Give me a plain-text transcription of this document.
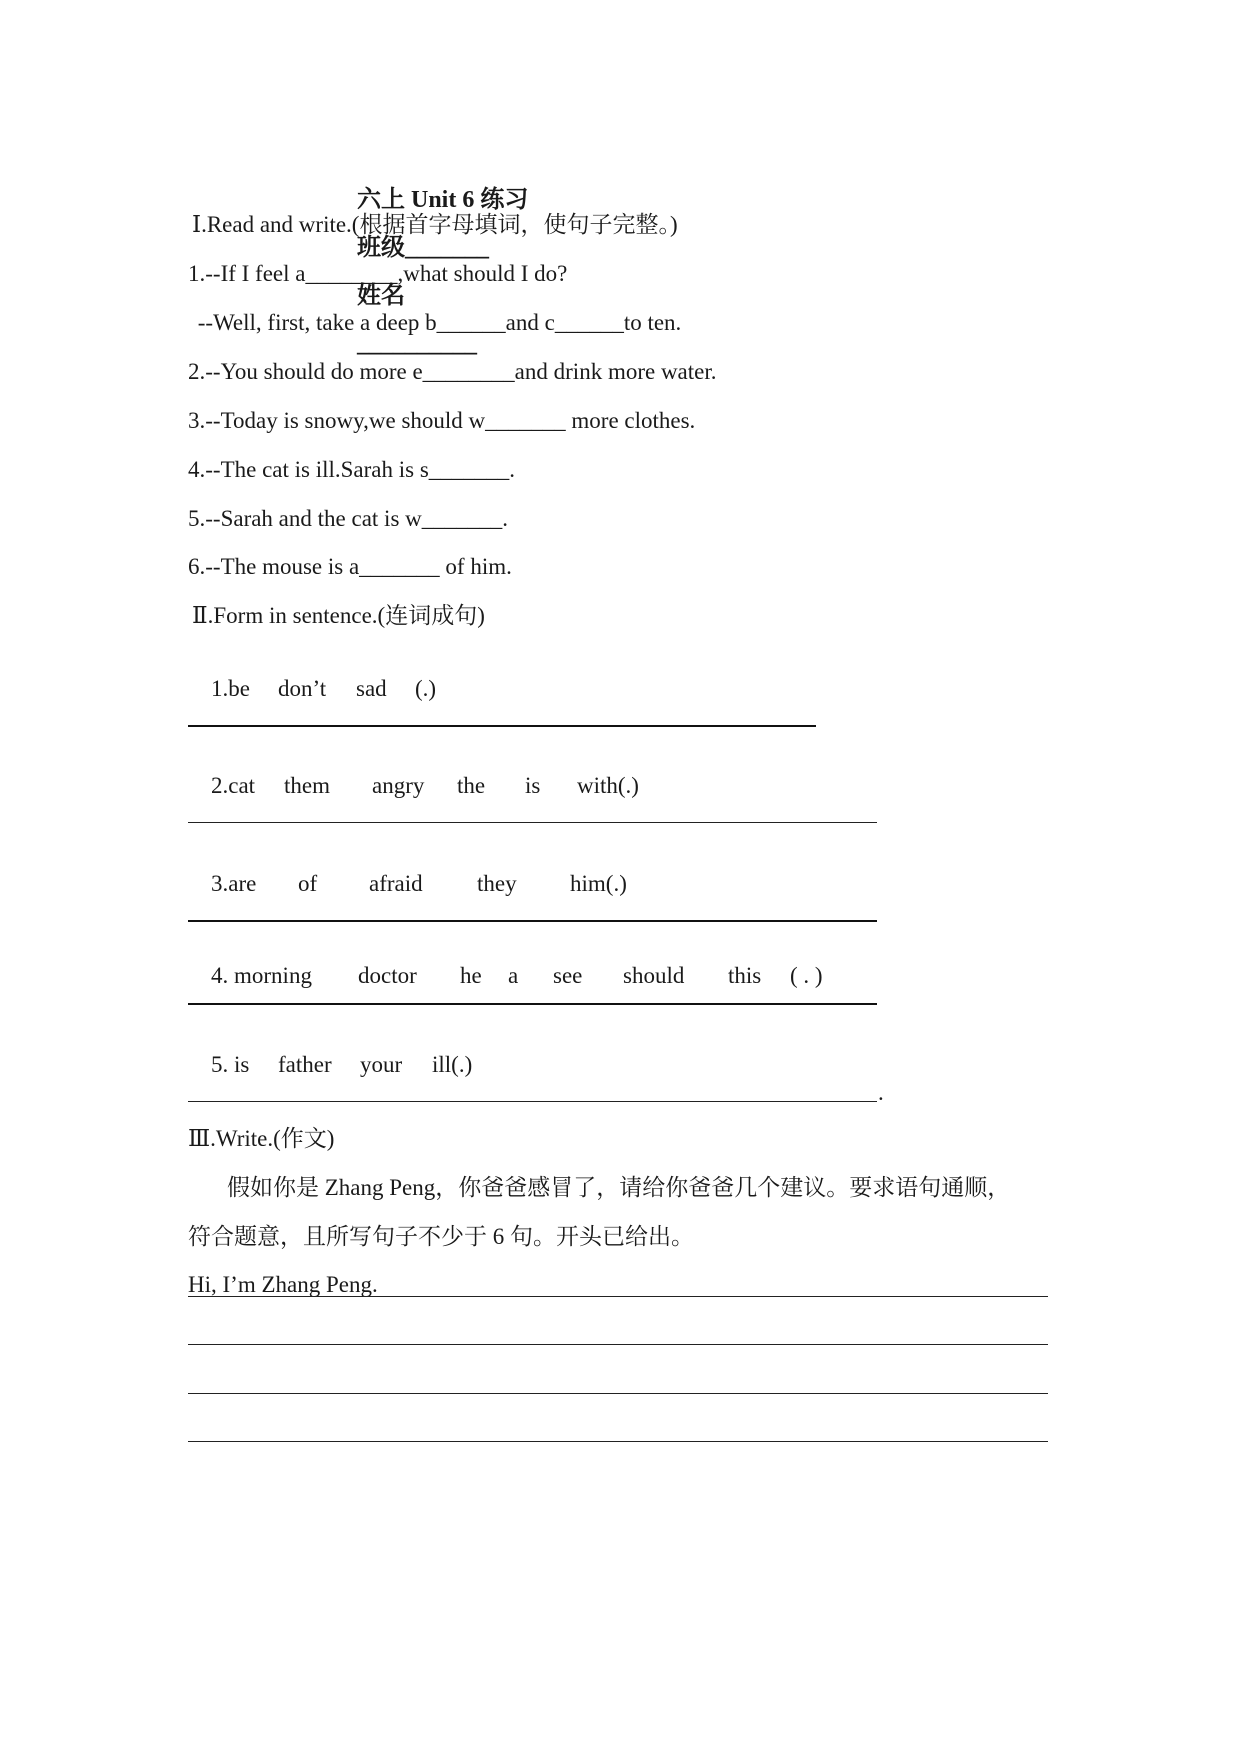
六上 Unit 6 练习

班级_______

姓名

__________

Ⅰ.Read and write.(根据首字母填词，使句子完整。)
1.--If I feel a________,what should I do?
--Well, first, take a deep b______and c______to ten.
2.--You should do more e________and drink more water.
3.--Today is snowy,we should w_______ more clothes.
4.--The cat is ill.Sarah is s_______.
5.--Sarah and the cat is w_______.
6.--The mouse is a_______ of him.
Ⅱ.Form in sentence.(连词成句)

1.be don’t sad (.)

2.cat them angry the is with(.)

3.are of afraid they him(.)

4. morning doctor he a see should this ( . )

5. is father your ill(.)

.
Ⅲ.Write.(作文)
假如你是 Zhang Peng，你爸爸感冒了，请给你爸爸几个建议。要求语句通顺，
符合题意，且所写句子不少于 6 句。开头已给出。
Hi, I’m Zhang Peng.
